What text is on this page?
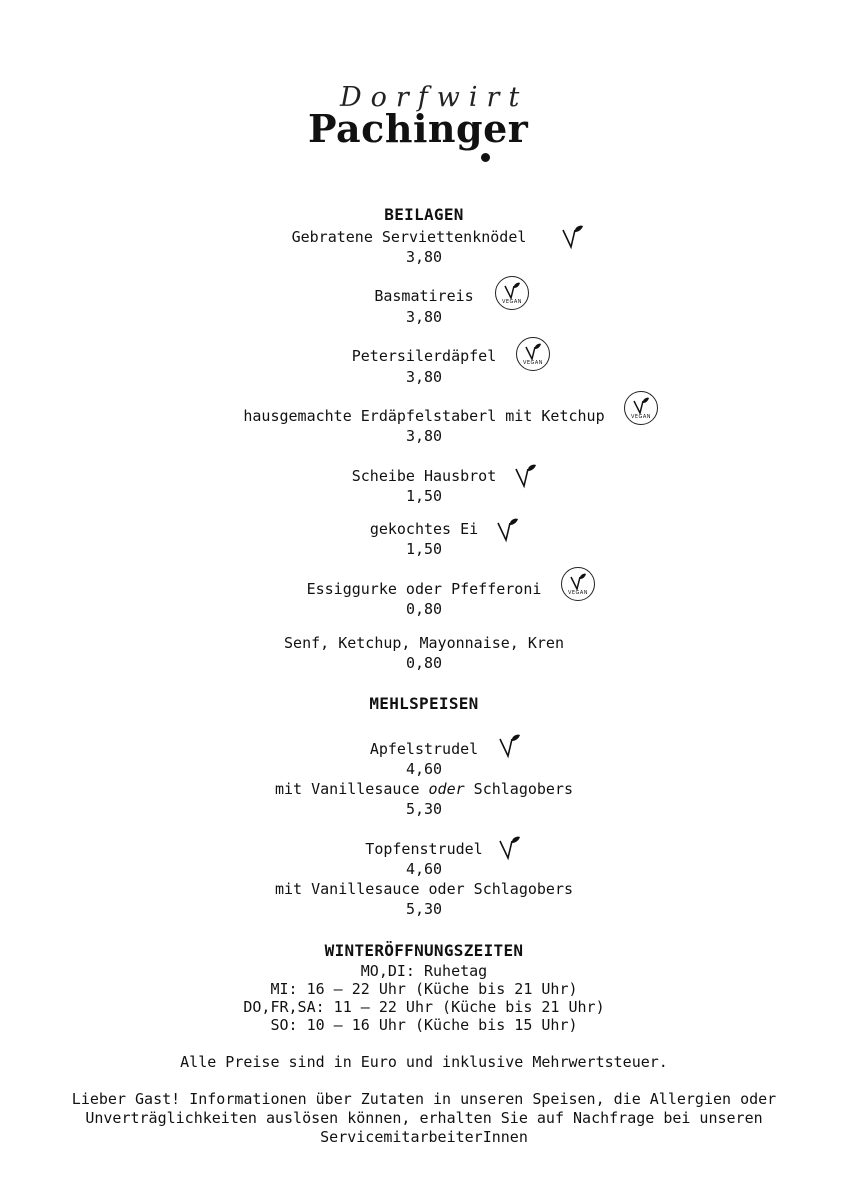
Dorfwirt
Pachinger
BEILAGEN
Gebratene Serviettenknödel
3,80
Basmatireis	VEGAN
3,80
Petersilerdäpfel	VEGAN
3,80
hausgemachte Erdäpfelstaberl mit Ketchup	VEGAN
3,80
Scheibe Hausbrot
1,50
gekochtes Ei
1,50
Essiggurke oder Pfefferoni	VEGAN
0,80
Senf, Ketchup, Mayonnaise, Kren
0,80
MEHLSPEISEN
Apfelstrudel
4,60
mit Vanillesauce oder Schlagobers
5,30
Topfenstrudel
4,60
mit Vanillesauce oder Schlagobers
5,30
WINTERÖFFNUNGSZEITEN
MO,DI: Ruhetag
MI: 16 – 22 Uhr (Küche bis 21 Uhr)
DO,FR,SA: 11 – 22 Uhr (Küche bis 21 Uhr)
SO: 10 – 16 Uhr (Küche bis 15 Uhr)
Alle Preise sind in Euro und inklusive Mehrwertsteuer.
Lieber Gast! Informationen über Zutaten in unseren Speisen, die Allergien oder
Unverträglichkeiten auslösen können, erhalten Sie auf Nachfrage bei unseren
ServicemitarbeiterInnen
